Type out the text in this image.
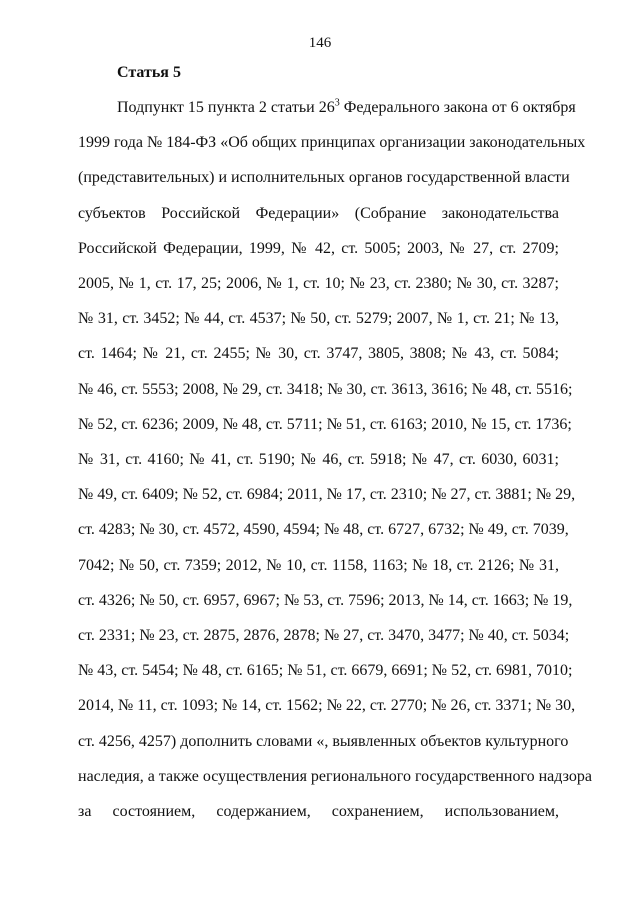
146
Статья 5
Подпункт 15 пункта 2 статьи $26^3$ Федерального закона от 6 октября
1999 года № 184-ФЗ «Об общих принципах организации законодательных
(представительных) и исполнительных органов государственной власти
субъектов Российской Федерации» (Собрание законодательства
Российской Федерации, 1999, № 42, ст. 5005; 2003, № 27, ст. 2709;
2005, № 1, ст. 17, 25; 2006, № 1, ст. 10; № 23, ст. 2380; № 30, ст. 3287;
№ 31, ст. 3452; № 44, ст. 4537; № 50, ст. 5279; 2007, № 1, ст. 21; № 13,
ст. 1464; № 21, ст. 2455; № 30, ст. 3747, 3805, 3808; № 43, ст. 5084;
№ 46, ст. 5553; 2008, № 29, ст. 3418; № 30, ст. 3613, 3616; № 48, ст. 5516;
№ 52, ст. 6236; 2009, № 48, ст. 5711; № 51, ст. 6163; 2010, № 15, ст. 1736;
№ 31, ст. 4160; № 41, ст. 5190; № 46, ст. 5918; № 47, ст. 6030, 6031;
№ 49, ст. 6409; № 52, ст. 6984; 2011, № 17, ст. 2310; № 27, ст. 3881; № 29,
ст. 4283; № 30, ст. 4572, 4590, 4594; № 48, ст. 6727, 6732; № 49, ст. 7039,
7042; № 50, ст. 7359; 2012, № 10, ст. 1158, 1163; № 18, ст. 2126; № 31,
ст. 4326; № 50, ст. 6957, 6967; № 53, ст. 7596; 2013, № 14, ст. 1663; № 19,
ст. 2331; № 23, ст. 2875, 2876, 2878; № 27, ст. 3470, 3477; № 40, ст. 5034;
№ 43, ст. 5454; № 48, ст. 6165; № 51, ст. 6679, 6691; № 52, ст. 6981, 7010;
2014, № 11, ст. 1093; № 14, ст. 1562; № 22, ст. 2770; № 26, ст. 3371; № 30,
ст. 4256, 4257) дополнить словами «, выявленных объектов культурного
наследия, а также осуществления регионального государственного надзора
за состоянием, содержанием, сохранением, использованием,
